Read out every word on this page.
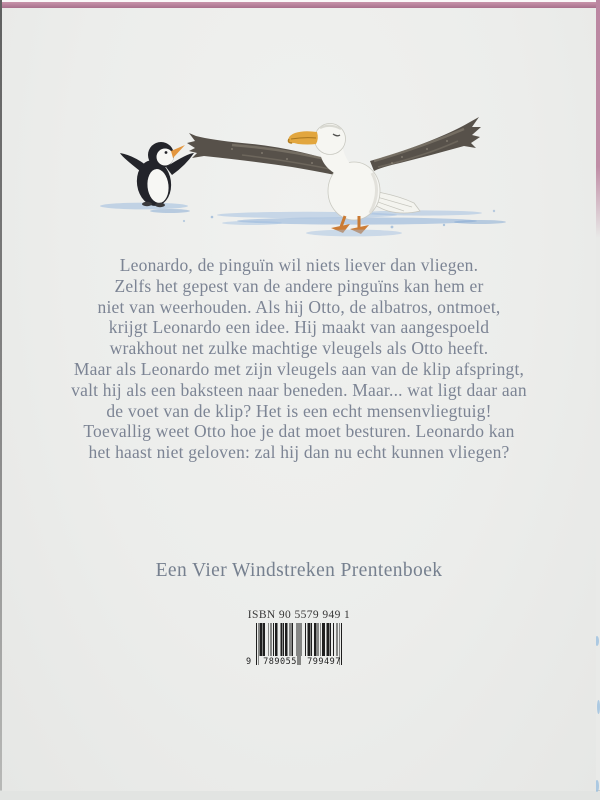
Leonardo, de pinguïn wil niets liever dan vliegen.
Zelfs het gepest van de andere pinguïns kan hem er
niet van weerhouden. Als hij Otto, de albatros, ontmoet,
krijgt Leonardo een idee. Hij maakt van aangespoeld
wrakhout net zulke machtige vleugels als Otto heeft.
Maar als Leonardo met zijn vleugels aan van de klip afspringt,
valt hij als een baksteen naar beneden. Maar... wat ligt daar aan
de voet van de klip? Het is een echt mensenvliegtuig!
Toevallig weet Otto hoe je dat moet besturen. Leonardo kan
het haast niet geloven: zal hij dan nu echt kunnen vliegen?
Een Vier Windstreken Prentenboek
ISBN 90 5579 949 1
9	789055	799497
